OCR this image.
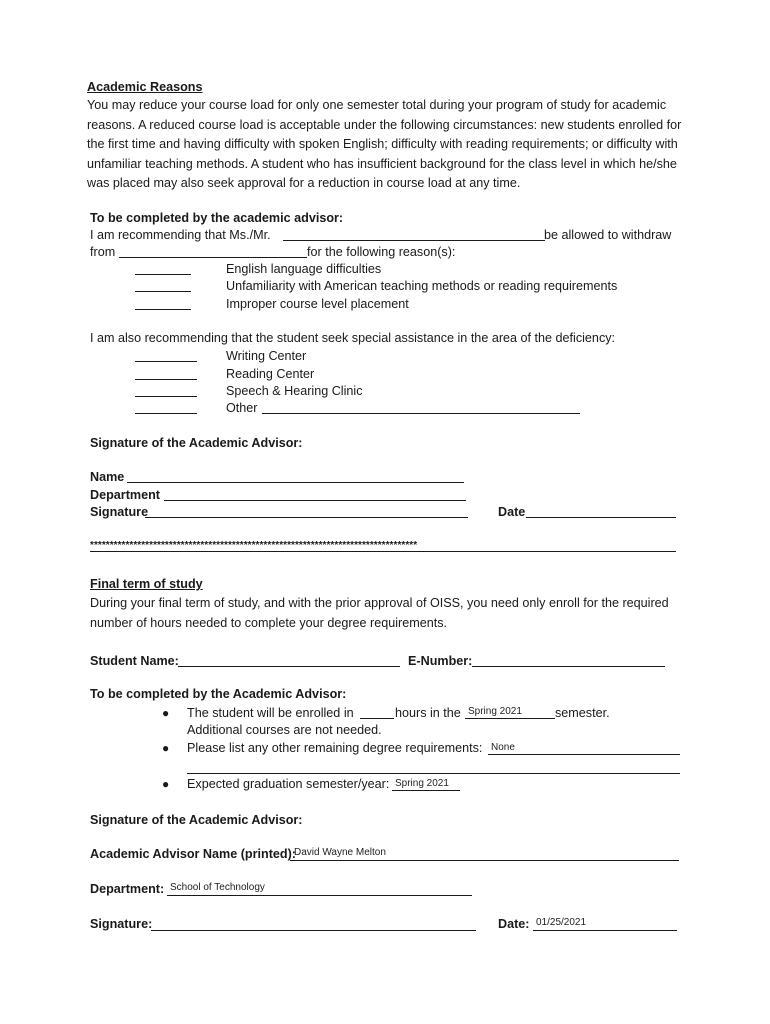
Academic Reasons
You may reduce your course load for only one semester total during your program of study for academic reasons. A reduced course load is acceptable under the following circumstances: new students enrolled for the first time and having difficulty with spoken English; difficulty with reading requirements; or difficulty with unfamiliar teaching methods. A student who has insufficient background for the class level in which he/she was placed may also seek approval for a reduction in course load at any time.
To be completed by the academic advisor:
I am recommending that Ms./Mr.	be allowed to withdraw
from	for the following reason(s):
English language difficulties
Unfamiliarity with American teaching methods or reading requirements
Improper course level placement
I am also recommending that the student seek special assistance in the area of the deficiency:
Writing Center
Reading Center
Speech & Hearing Clinic
Other
Signature of the Academic Advisor:
Name
Department
Signature	Date
***********************************************************************************
Final term of study
During your final term of study, and with the prior approval of OISS, you need only enroll for the required number of hours needed to complete your degree requirements.
Student Name:	E-Number:
To be completed by the Academic Advisor:
● The student will be enrolled in	hours in the Spring 2021	semester.
Additional courses are not needed.
● Please list any other remaining degree requirements: None
● Expected graduation semester/year: Spring 2021
Signature of the Academic Advisor:
Academic Advisor Name (printed):
David Wayne Melton
Department: School of Technology
Signature:	Date: 01/25/2021
